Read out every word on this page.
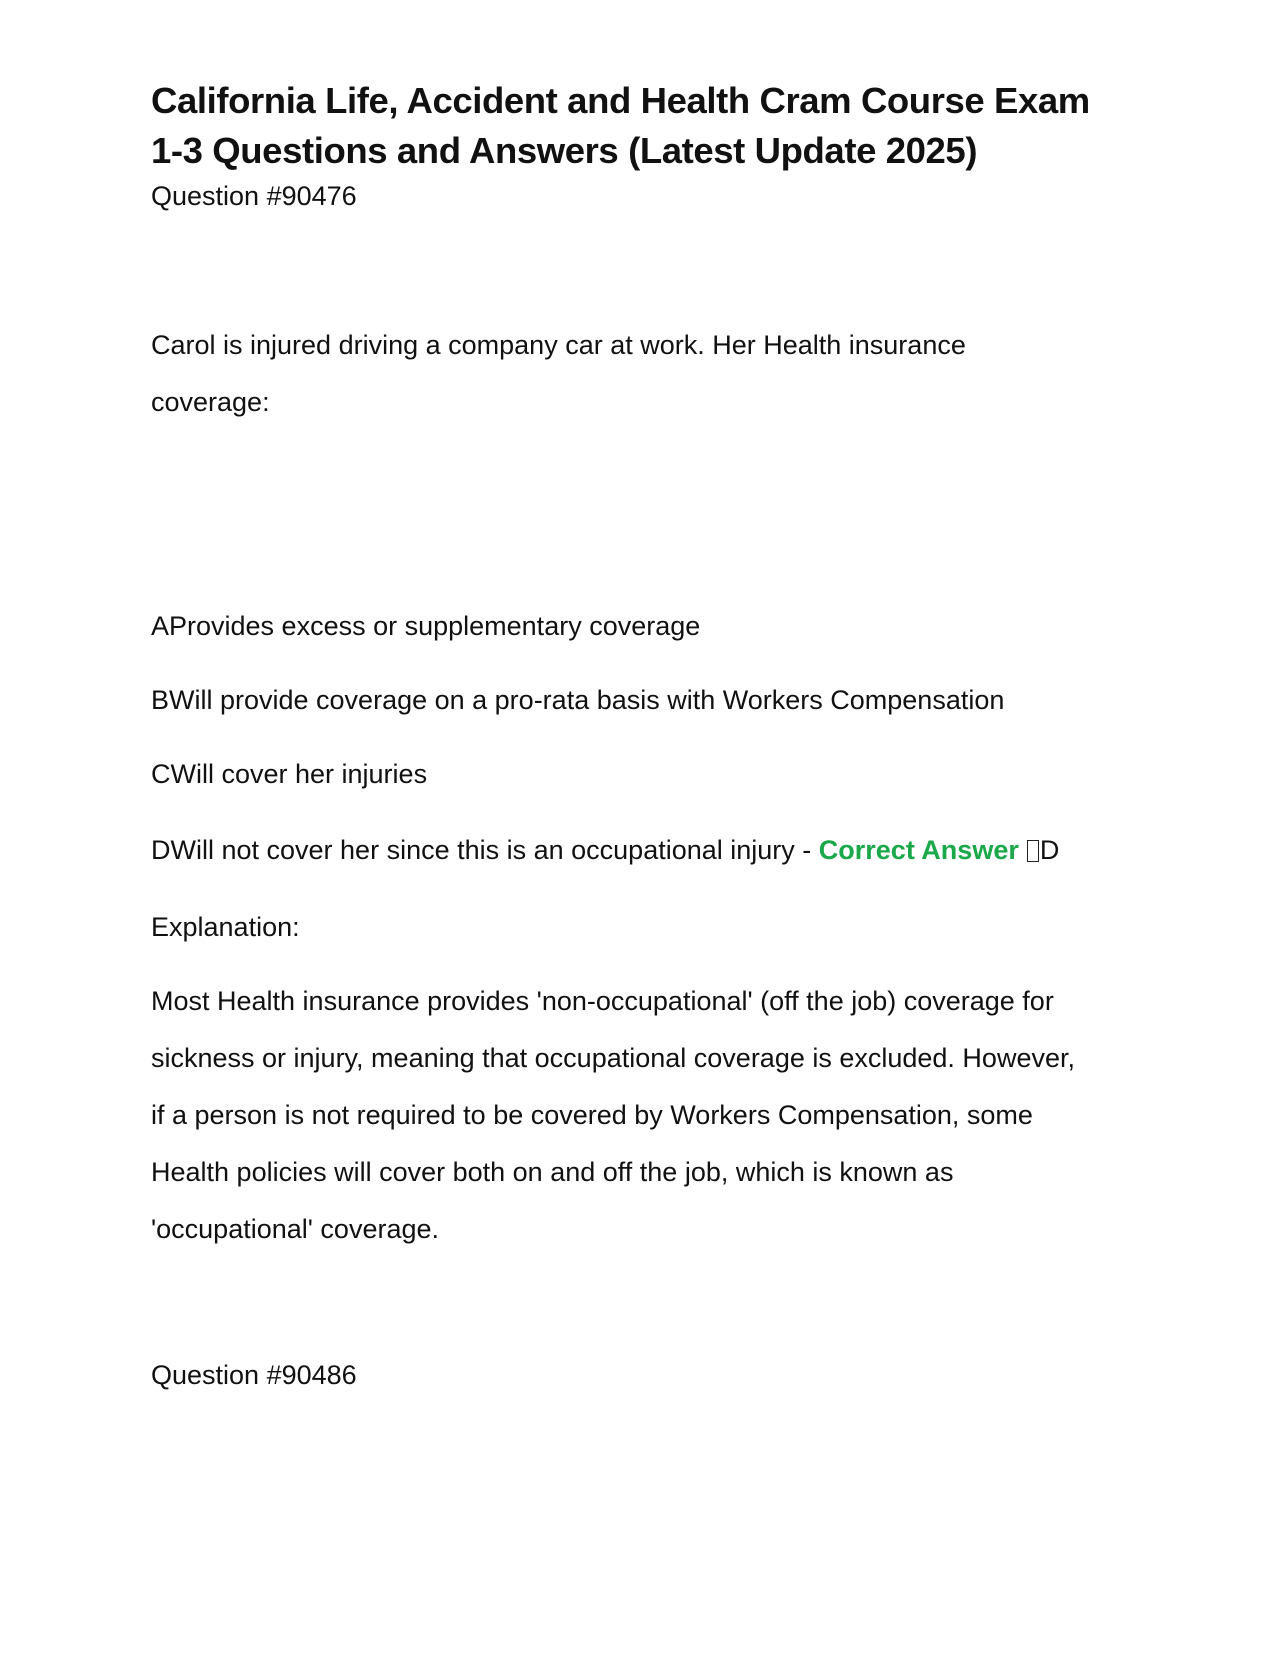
California Life, Accident and Health Cram Course Exam

1-3 Questions and Answers (Latest Update 2025)

Question #90476

Carol is injured driving a company car at work. Her Health insurance

coverage:

AProvides excess or supplementary coverage

BWill provide coverage on a pro-rata basis with Workers Compensation

CWill cover her injuries

DWill not cover her since this is an occupational injury - Correct Answer D

Explanation:

Most Health insurance provides 'non-occupational' (off the job) coverage for

sickness or injury, meaning that occupational coverage is excluded. However,

if a person is not required to be covered by Workers Compensation, some

Health policies will cover both on and off the job, which is known as

'occupational' coverage.

Question #90486
